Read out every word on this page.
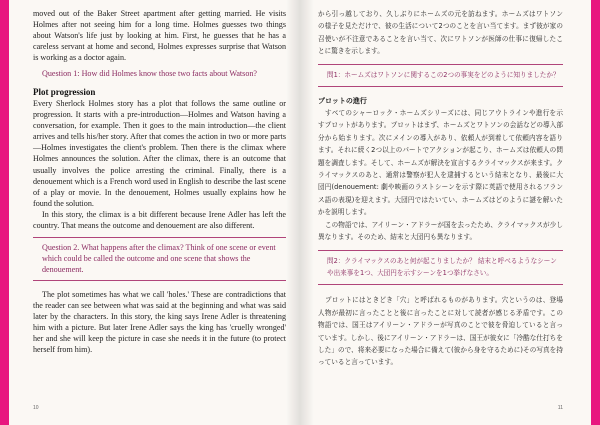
moved out of the Baker Street apartment after getting married. He visits Holmes after not seeing him for a long time. Holmes guesses two things about Watson's life just by looking at him. First, he guesses that he has a careless servant at home and second, Holmes expresses surprise that Watson is working as a doctor again.

Question 1: How did Holmes know those two facts about Watson?

Plot progression

Every Sherlock Holmes story has a plot that follows the same outline or progression. It starts with a pre-introduction—Holmes and Watson having a conversation, for example. Then it goes to the main introduction—the client arrives and tells his/her story. After that comes the action in two or more parts—Holmes investigates the client's problem. Then there is the climax where Holmes announces the solution. After the climax, there is an outcome that usually involves the police arresting the criminal. Finally, there is a denouement which is a French word used in English to describe the last scene of a play or movie. In the denouement, Holmes usually explains how he found the solution.

In this story, the climax is a bit different because Irene Adler has left the country. That means the outcome and denouement are also different.

Question 2. What happens after the climax? Think of one scene or event which could be called the outcome and one scene that shows the denouement.

The plot sometimes has what we call 'holes.' These are contradictions that the reader can see between what was said at the beginning and what was said later by the characters. In this story, the king says Irene Adler is threatening him with a picture. But later Irene Adler says the king has 'cruelly wronged' her and she will keep the picture in case she needs it in the future (to protect herself from him).

10

から引っ越しており、久しぶりにホームズの元を訪ねます。ホームズはワトソンの様子を見ただけで、彼の生活について2つのことを言い当てます。まず彼が家の召使いが不注意であることを言い当て、次にワトソンが医師の仕事に復帰したことに驚きを示します。

問1：ホームズはワトソンに関するこの2つの事実をどのように知りましたか？

プロットの進行

すべてのシャーロック・ホームズシリーズには、同じアウトラインや進行を示すプロットがあります。プロットはまず、ホームズとワトソンの会話などの導入部分から始まります。次にメインの導入があり、依頼人が到着して依頼内容を語ります。それに続く2つ以上のパートでアクションが起こり、ホームズは依頼人の問題を調査します。そして、ホームズが解決を宣言するクライマックスが来ます。クライマックスのあと、通常は警察が犯人を逮捕するという結末となり、最後に大団円(denouement: 劇や映画のラストシーンを示す際に英語で使用されるフランス語の表現)を迎えます。大団円ではたいてい、ホームズはどのように謎を解いたかを説明します。

この物語では、アイリーン・アドラーが国を去ったため、クライマックスが少し異なります。そのため、結末と大団円も異なります。

問2：クライマックスのあと何が起こりましたか？ 結末と呼べるようなシーンや出来事を1つ、大団円を示すシーンを1つ挙げなさい。

プロットにはときどき「穴」と呼ばれるものがあります。穴というのは、登場人物が最初に言ったことと後に言ったことに対して読者が感じる矛盾です。この物語では、国王はアイリーン・アドラーが写真のことで彼を脅迫していると言っています。しかし、後にアイリーン・アドラーは、国王が彼女に「冷酷な仕打ちをした」ので、将来必要になった場合に備えて(彼から身を守るために)その写真を持っていると言っています。

11
